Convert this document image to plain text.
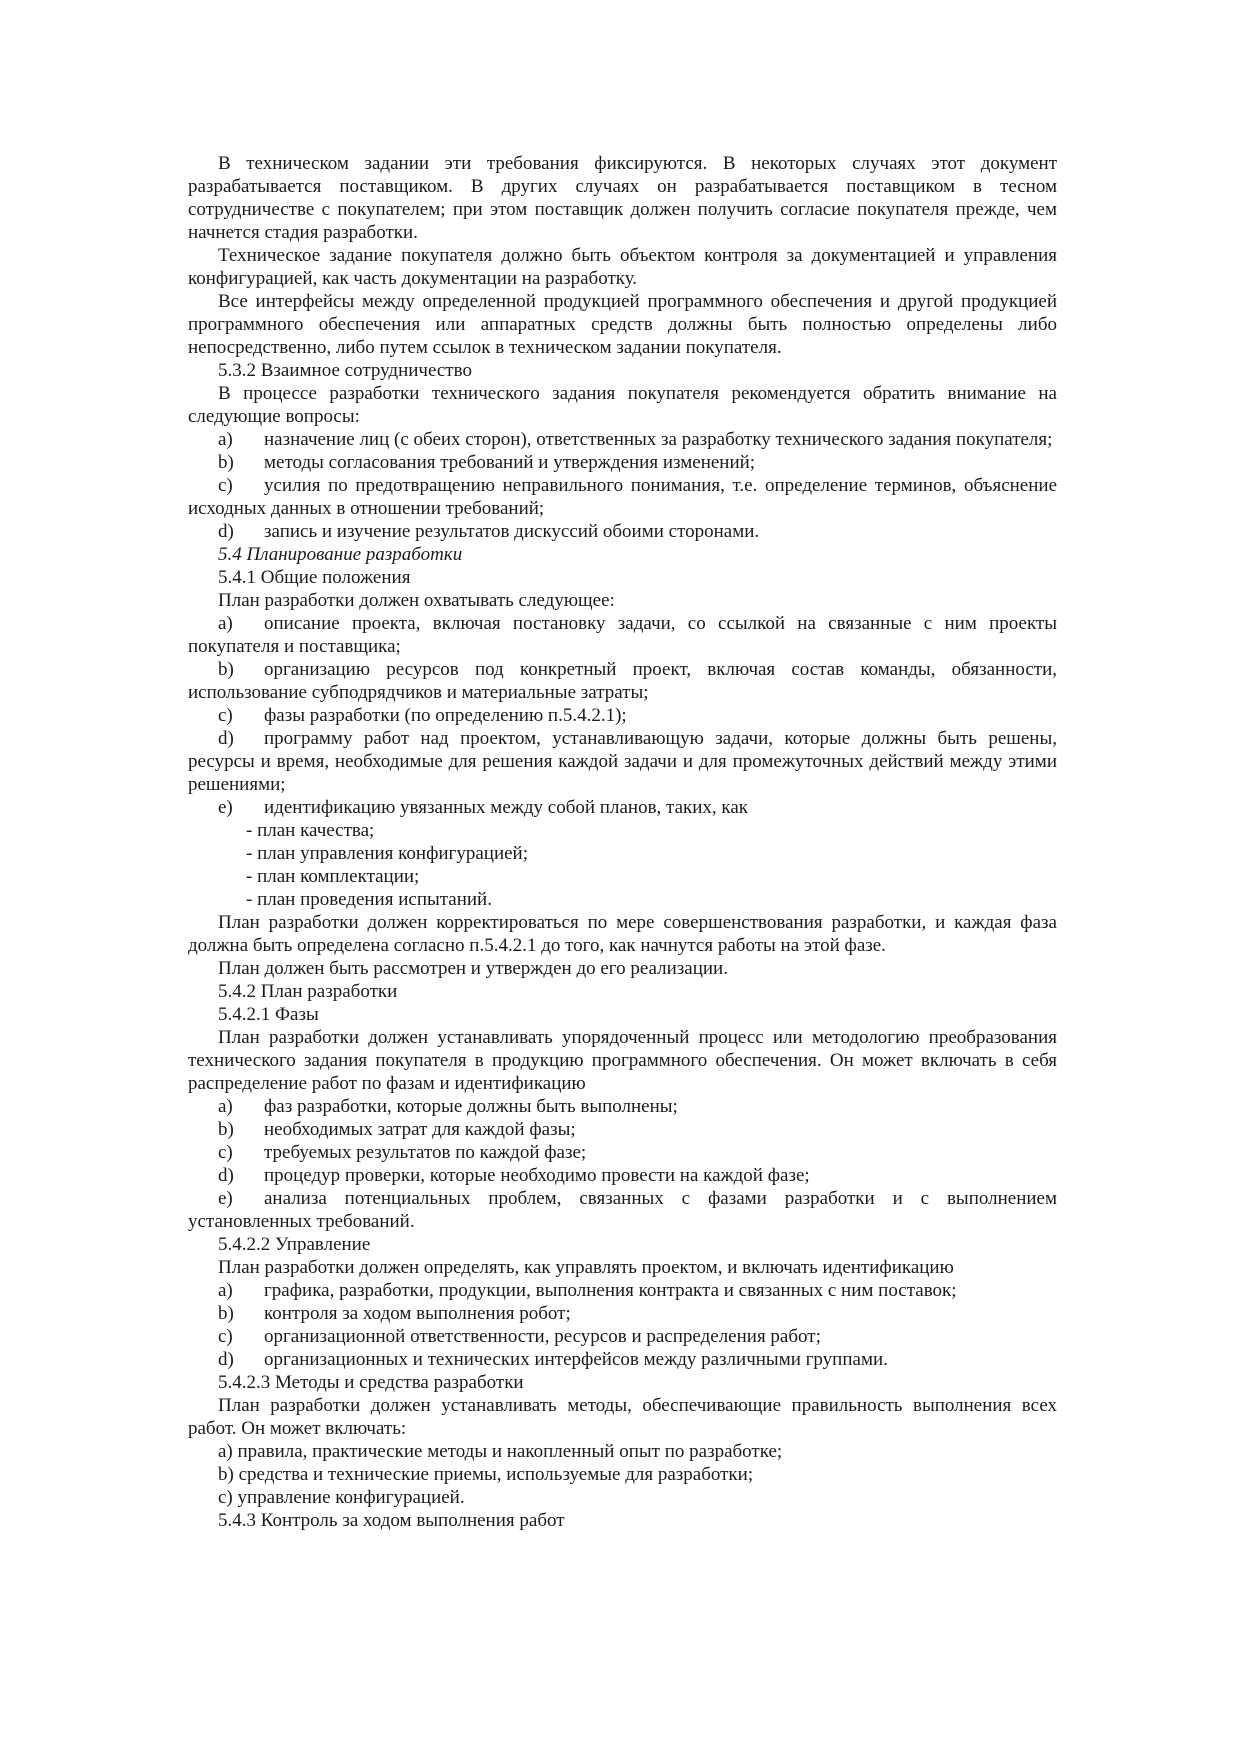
В техническом задании эти требования фиксируются. В некоторых случаях этот документ разрабатывается поставщиком. В других случаях он разрабатывается поставщиком в тесном сотрудничестве с покупателем; при этом поставщик должен получить согласие покупателя прежде, чем начнется стадия разработки.

Техническое задание покупателя должно быть объектом контроля за документацией и управления конфигурацией, как часть документации на разработку.

Все интерфейсы между определенной продукцией программного обеспечения и другой продукцией программного обеспечения или аппаратных средств должны быть полностью определены либо непосредственно, либо путем ссылок в техническом задании покупателя.

5.3.2 Взаимное сотрудничество

В процессе разработки технического задания покупателя рекомендуется обратить внимание на следующие вопросы:

a) назначение лиц (с обеих сторон), ответственных за разработку технического задания покупателя;

b) методы согласования требований и утверждения изменений;

c) усилия по предотвращению неправильного понимания, т.е. определение терминов, объяснение исходных данных в отношении требований;

d) запись и изучение результатов дискуссий обоими сторонами.

5.4 Планирование разработки

5.4.1 Общие положения

План разработки должен охватывать следующее:

a) описание проекта, включая постановку задачи, со ссылкой на связанные с ним проекты покупателя и поставщика;

b) организацию ресурсов под конкретный проект, включая состав команды, обязанности, использование субподрядчиков и материальные затраты;

c) фазы разработки (по определению п.5.4.2.1);

d) программу работ над проектом, устанавливающую задачи, которые должны быть решены, ресурсы и время, необходимые для решения каждой задачи и для промежуточных действий между этими решениями;

e) идентификацию увязанных между собой планов, таких, как

- план качества;

- план управления конфигурацией;

- план комплектации;

- план проведения испытаний.

План разработки должен корректироваться по мере совершенствования разработки, и каждая фаза должна быть определена согласно п.5.4.2.1 до того, как начнутся работы на этой фазе.

План должен быть рассмотрен и утвержден до его реализации.

5.4.2 План разработки

5.4.2.1 Фазы

План разработки должен устанавливать упорядоченный процесс или методологию преобразования технического задания покупателя в продукцию программного обеспечения. Он может включать в себя распределение работ по фазам и идентификацию

a) фаз разработки, которые должны быть выполнены;

b) необходимых затрат для каждой фазы;

c) требуемых результатов по каждой фазе;

d) процедур проверки, которые необходимо провести на каждой фазе;

e) анализа потенциальных проблем, связанных с фазами разработки и с выполнением установленных требований.

5.4.2.2 Управление

План разработки должен определять, как управлять проектом, и включать идентификацию

a) графика, разработки, продукции, выполнения контракта и связанных с ним поставок;

b) контроля за ходом выполнения робот;

c) организационной ответственности, ресурсов и распределения работ;

d) организационных и технических интерфейсов между различными группами.

5.4.2.3 Методы и средства разработки

План разработки должен устанавливать методы, обеспечивающие правильность выполнения всех работ. Он может включать:

a) правила, практические методы и накопленный опыт по разработке;

b) средства и технические приемы, используемые для разработки;

c) управление конфигурацией.

5.4.3 Контроль за ходом выполнения работ
